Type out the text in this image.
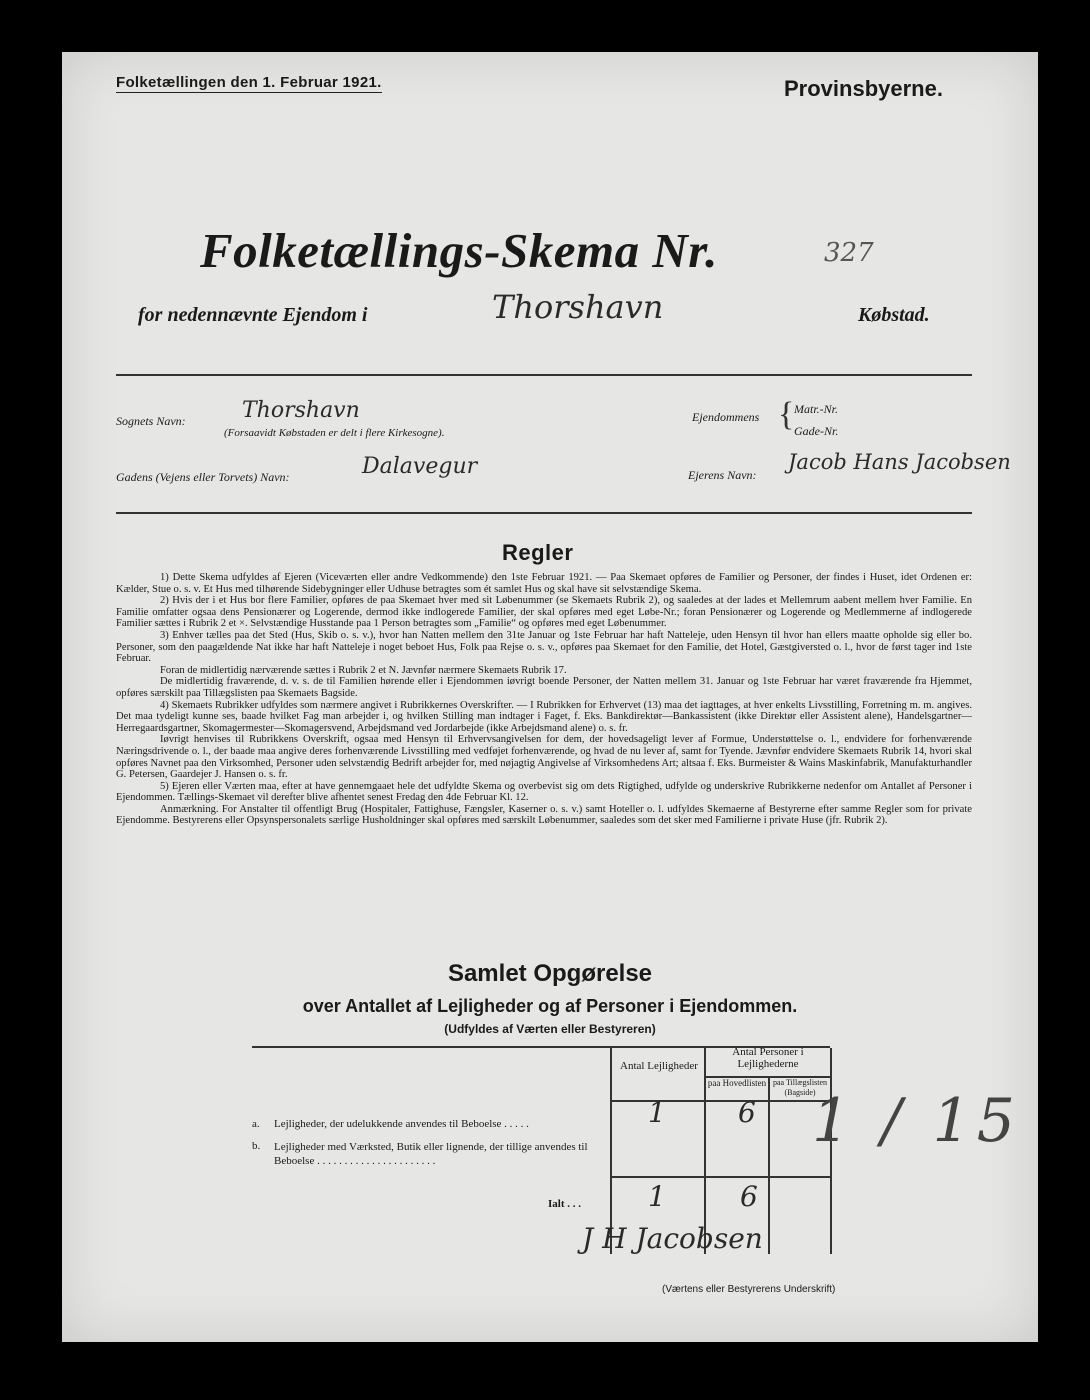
Folketællingen den 1. Februar 1921.	Provinsbyerne.
Folketællings-Skema Nr.	327
for nedennævnte Ejendom i	Thorshavn	Købstad.
Sognets Navn:	Thorshavn
(Forsaavidt Købstaden er delt i flere Kirkesogne).
Ejendommens { Matr.-Nr.
Gade-Nr.
Gadens (Vejens eller Torvets) Navn:	Dalavegur	Ejerens Navn:
Jacob Hans Jacobsen
Regler

1) Dette Skema udfyldes af Ejeren (Viceværten eller andre Vedkommende) den 1ste Februar 1921. — Paa Skemaet opføres de Familier og Personer, der findes i Huset, idet Ordenen er: Kælder, Stue o. s. v. Et Hus med tilhørende Sidebygninger eller Udhuse betragtes som ét samlet Hus og skal have sit selvstændige Skema.

2) Hvis der i et Hus bor flere Familier, opføres de paa Skemaet hver med sit Løbenummer (se Skemaets Rubrik 2), og saaledes at der lades et Mellemrum aabent mellem hver Familie. En Familie omfatter ogsaa dens Pensionærer og Logerende, dermod ikke indlogerede Familier, der skal opføres med eget Løbe-Nr.; foran Pensionærer og Logerende og Medlemmerne af indlogerede Familier sættes i Rubrik 2 et ×. Selvstændige Husstande paa 1 Person betragtes som „Familie“ og opføres med eget Løbenummer.

3) Enhver tælles paa det Sted (Hus, Skib o. s. v.), hvor han Natten mellem den 31te Januar og 1ste Februar har haft Natteleje, uden Hensyn til hvor han ellers maatte opholde sig eller bo. Personer, som den paagældende Nat ikke har haft Natteleje i noget beboet Hus, Folk paa Rejse o. s. v., opføres paa Skemaet for den Familie, det Hotel, Gæstgiversted o. l., hvor de først tager ind 1ste Februar.

Foran de midlertidig nærværende sættes i Rubrik 2 et N. Jævnfør nærmere Skemaets Rubrik 17.

De midlertidig fraværende, d. v. s. de til Familien hørende eller i Ejendommen iøvrigt boende Personer, der Natten mellem 31. Januar og 1ste Februar har været fraværende fra Hjemmet, opføres særskilt paa Tillægslisten paa Skemaets Bagside.

4) Skemaets Rubrikker udfyldes som nærmere angivet i Rubrikkernes Overskrifter. — I Rubrikken for Erhvervet (13) maa det iagttages, at hver enkelts Livsstilling, Forretning m. m. angives. Det maa tydeligt kunne ses, baade hvilket Fag man arbejder i, og hvilken Stilling man indtager i Faget, f. Eks. Bankdirektør—Bankassistent (ikke Direktør eller Assistent alene), Handelsgartner—Herregaardsgartner, Skomagermester—Skomagersvend, Arbejdsmand ved Jordarbejde (ikke Arbejdsmand alene) o. s. fr.

Iøvrigt henvises til Rubrikkens Overskrift, ogsaa med Hensyn til Erhvervsangivelsen for dem, der hovedsageligt lever af Formue, Understøttelse o. l., endvidere for forhenværende Næringsdrivende o. l., der baade maa angive deres forhenværende Livsstilling med vedføjet forhenværende, og hvad de nu lever af, samt for Tyende. Jævnfør endvidere Skemaets Rubrik 14, hvori skal opføres Navnet paa den Virksomhed, Personer uden selvstændig Bedrift arbejder for, med nøjagtig Angivelse af Virksomhedens Art; altsaa f. Eks. Burmeister & Wains Maskinfabrik, Manufakturhandler G. Petersen, Gaardejer J. Hansen o. s. fr.

5) Ejeren eller Værten maa, efter at have gennemgaaet hele det udfyldte Skema og overbevist sig om dets Rigtighed, udfylde og underskrive Rubrikkerne nedenfor om Antallet af Personer i Ejendommen. Tællings-Skemaet vil derefter blive afhentet senest Fredag den 4de Februar Kl. 12.

Anmærkning. For Anstalter til offentligt Brug (Hospitaler, Fattighuse, Fængsler, Kaserner o. s. v.) samt Hoteller o. l. udfyldes Skemaerne af Bestyrerne efter samme Regler som for private Ejendomme. Bestyrerens eller Opsynspersonalets særlige Husholdninger skal opføres med særskilt Løbenummer, saaledes som det sker med Familierne i private Huse (jfr. Rubrik 2).

Samlet Opgørelse
over Antallet af Lejligheder og af Personer i Ejendommen.
(Udfyldes af Værten eller Bestyreren)
Antal Lejligheder
Antal Personer i Lejlighederne
paa Hovedlisten paa Tillægslisten (Bagside)
a. Lejligheder, der udelukkende anvendes til Beboelse . . . . .	1	6
b. Lejligheder med Værksted, Butik eller lignende, der tillige anvendes til Beboelse . . . . . . . . . . . . . . . . . . . . . .
Ialt . . . 1	6
1 / 15
J H Jacobsen
(Værtens eller Bestyrerens Underskrift)
